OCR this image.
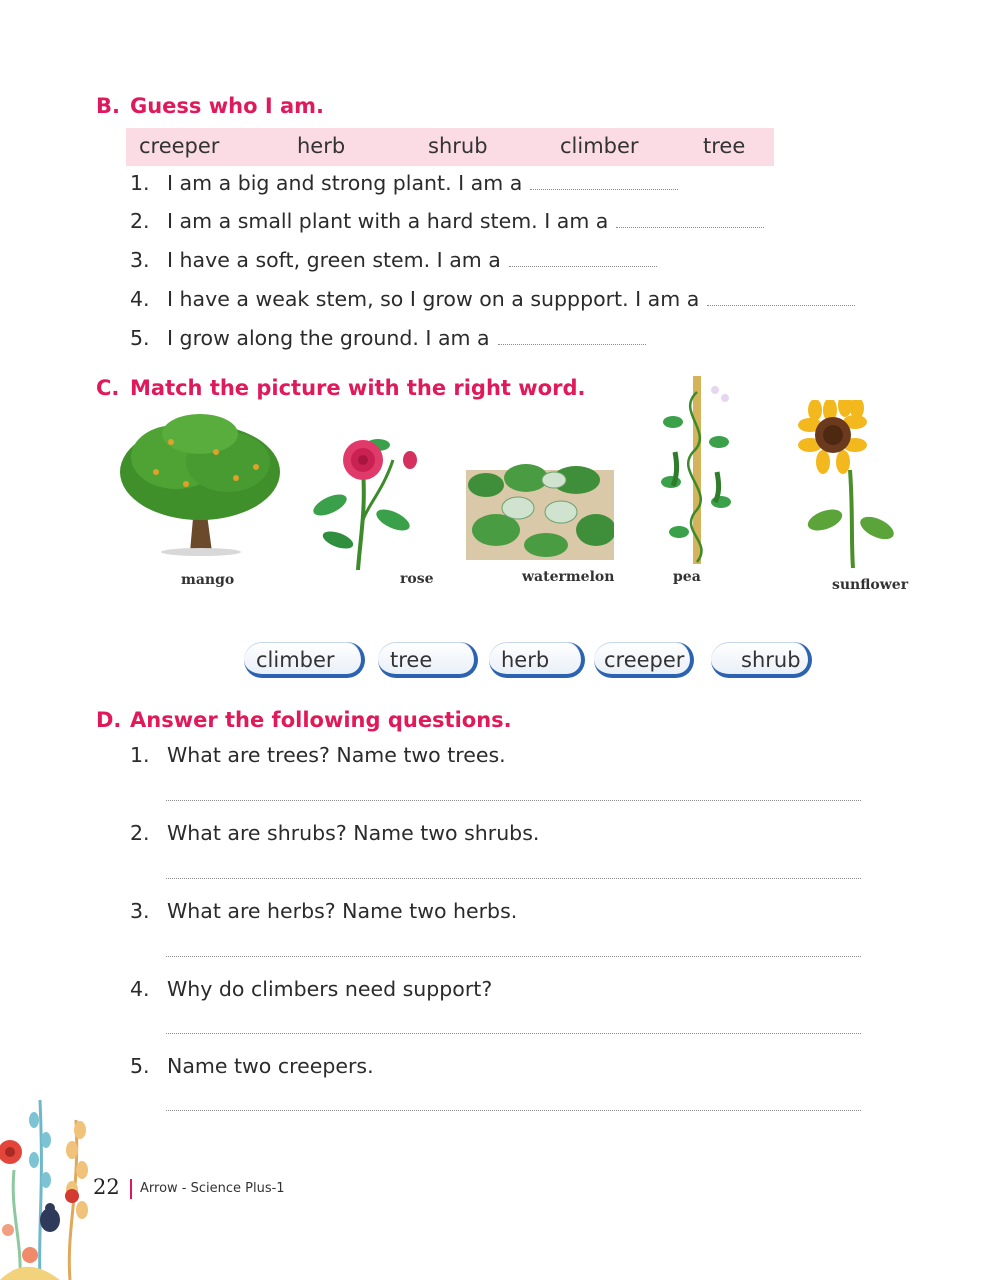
B. Guess who I am.
creeper	herb	shrub	climber	tree
1. I am a big and strong plant. I am a
2. I am a small plant with a hard stem. I am a
3. I have a soft, green stem. I am a
4. I have a weak stem, so I grow on a suppport. I am a
5. I grow along the ground. I am a
C. Match the picture with the right word.
mango	rose	watermelon	pea	sunflower
climber	tree	herb	creeper	shrub
D. Answer the following questions.
1. What are trees? Name two trees.
2. What are shrubs? Name two shrubs.
3. What are herbs? Name two herbs.
4. Why do climbers need support?
5. Name two creepers.
22 Arrow - Science Plus-1
